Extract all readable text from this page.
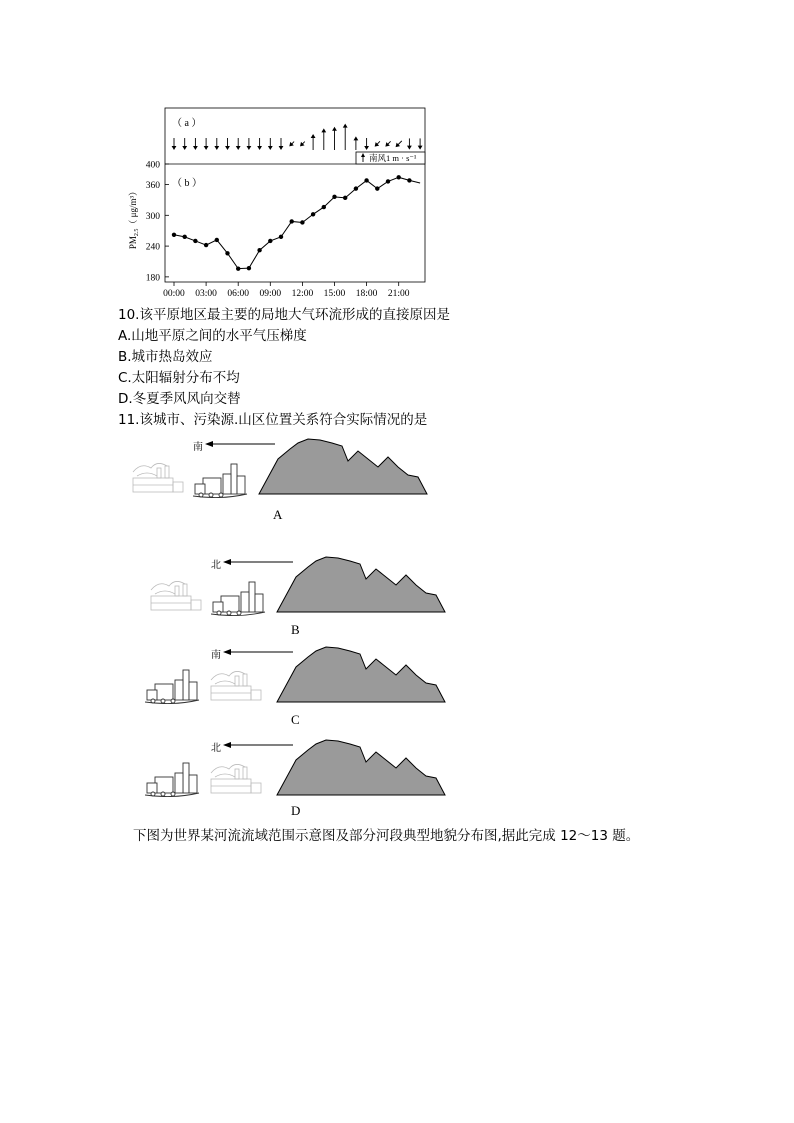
（ a ）
（ b ）
南风1 m · s⁻¹
$PM_{2.5}$（ μg/m³）
180
240
300
360
400
00:00 03:00 06:00 09:00 12:00 15:00 18:00 21:00
10.该平原地区最主要的局地大气环流形成的直接原因是
A.山地平原之间的水平气压梯度
B.城市热岛效应
C.太阳辐射分布不均
D.冬夏季风风向交替
11.该城市、污染源.山区位置关系符合实际情况的是
南
A
北
B
南
C
北
D
下图为世界某河流流域范围示意图及部分河段典型地貌分布图,据此完成 12～13 题。
